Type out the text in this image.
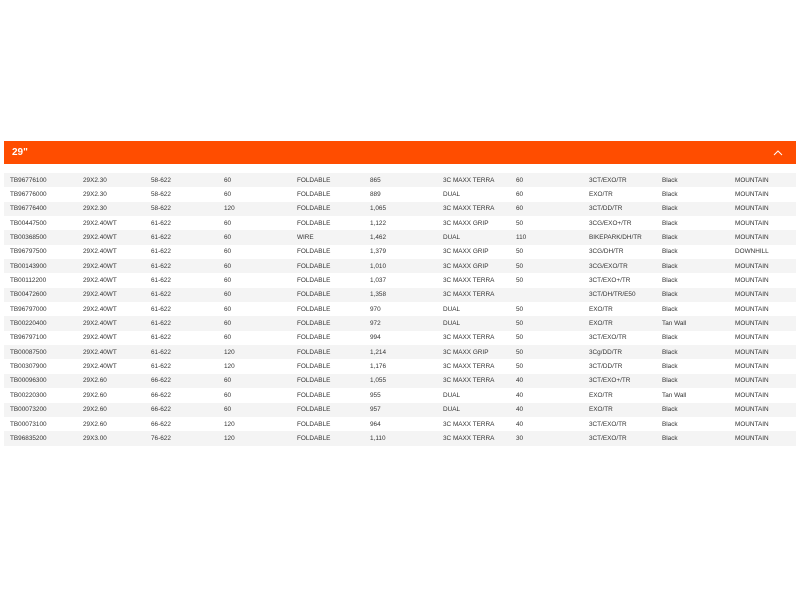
29"
TB96776100	29X2.30	58-622	60	FOLDABLE	865	3C MAXX TERRA	60	3CT/EXO/TR	Black	MOUNTAIN
TB96776000	29X2.30	58-622	60	FOLDABLE	889	DUAL	60	EXO/TR	Black	MOUNTAIN
TB96776400	29X2.30	58-622	120	FOLDABLE	1,065	3C MAXX TERRA	60	3CT/DD/TR	Black	MOUNTAIN
TB00447500	29X2.40WT	61-622	60	FOLDABLE	1,122	3C MAXX GRIP	50	3CG/EXO+/TR	Black	MOUNTAIN
TB00368500	29X2.40WT	61-622	60	WIRE	1,462	DUAL	110	BIKEPARK/DH/TR	Black	MOUNTAIN
TB96797500	29X2.40WT	61-622	60	FOLDABLE	1,379	3C MAXX GRIP	50	3CG/DH/TR	Black	DOWNHILL
TB00143900	29X2.40WT	61-622	60	FOLDABLE	1,010	3C MAXX GRIP	50	3CG/EXO/TR	Black	MOUNTAIN
TB00112200	29X2.40WT	61-622	60	FOLDABLE	1,037	3C MAXX TERRA	50	3CT/EXO+/TR	Black	MOUNTAIN
TB00472600	29X2.40WT	61-622	60	FOLDABLE	1,358	3C MAXX TERRA		3CT/DH/TR/E50	Black	MOUNTAIN
TB96797000	29X2.40WT	61-622	60	FOLDABLE	970	DUAL	50	EXO/TR	Black	MOUNTAIN
TB00220400	29X2.40WT	61-622	60	FOLDABLE	972	DUAL	50	EXO/TR	Tan Wall	MOUNTAIN
TB96797100	29X2.40WT	61-622	60	FOLDABLE	994	3C MAXX TERRA	50	3CT/EXO/TR	Black	MOUNTAIN
TB00087500	29X2.40WT	61-622	120	FOLDABLE	1,214	3C MAXX GRIP	50	3Cg/DD/TR	Black	MOUNTAIN
TB00307900	29X2.40WT	61-622	120	FOLDABLE	1,176	3C MAXX TERRA	50	3CT/DD/TR	Black	MOUNTAIN
TB00096300	29X2.60	66-622	60	FOLDABLE	1,055	3C MAXX TERRA	40	3CT/EXO+/TR	Black	MOUNTAIN
TB00220300	29X2.60	66-622	60	FOLDABLE	955	DUAL	40	EXO/TR	Tan Wall	MOUNTAIN
TB00073200	29X2.60	66-622	60	FOLDABLE	957	DUAL	40	EXO/TR	Black	MOUNTAIN
TB00073100	29X2.60	66-622	120	FOLDABLE	964	3C MAXX TERRA	40	3CT/EXO/TR	Black	MOUNTAIN
TB96835200	29X3.00	76-622	120	FOLDABLE	1,110	3C MAXX TERRA	30	3CT/EXO/TR	Black	MOUNTAIN
